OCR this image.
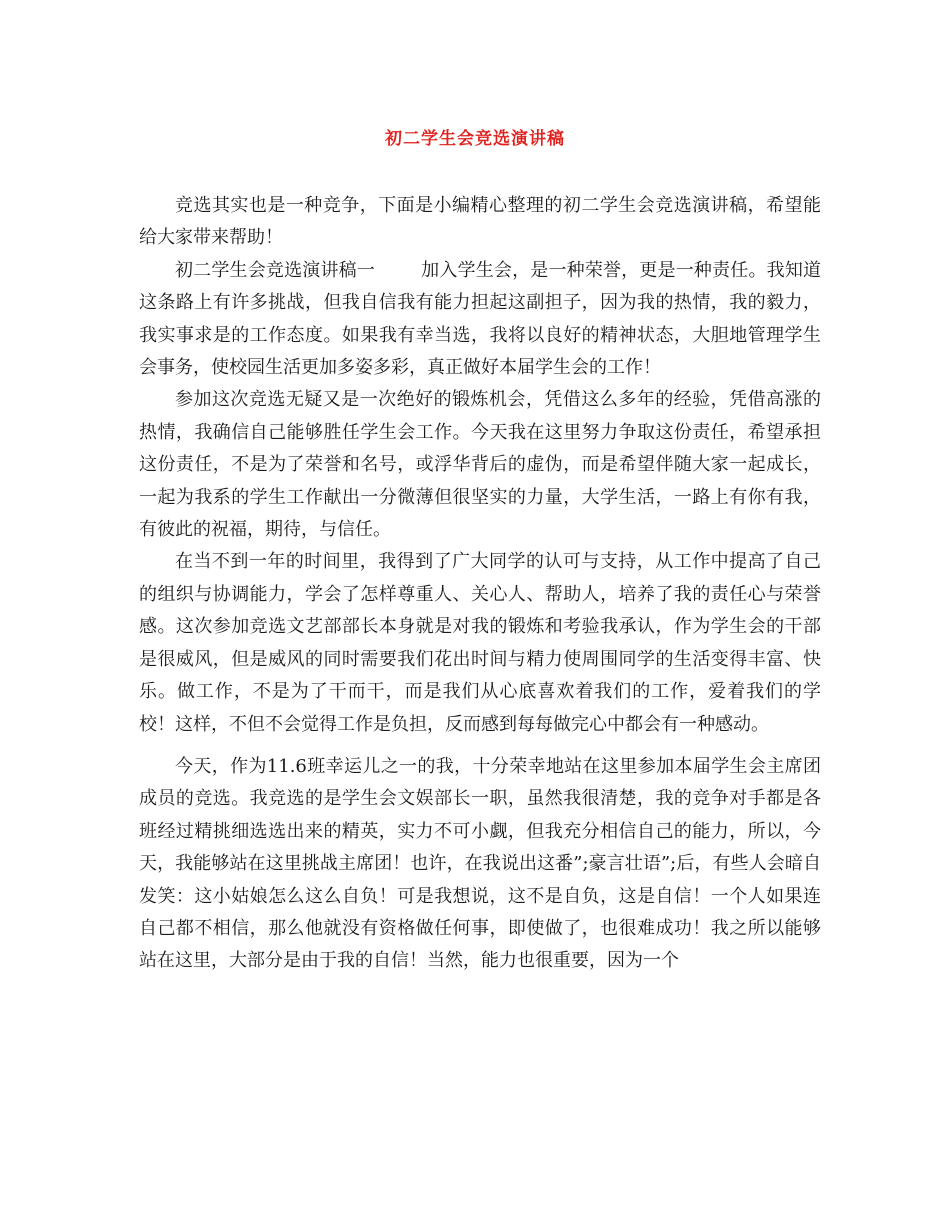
初二学生会竞选演讲稿

竞选其实也是一种竞争，下面是小编精心整理的初二学生会竞选演讲稿，希望能给大家带来帮助！

初二学生会竞选演讲稿一	加入学生会，是一种荣誉，更是一种责任。我知道这条路上有许多挑战，但我自信我有能力担起这副担子，因为我的热情，我的毅力，我实事求是的工作态度。如果我有幸当选，我将以良好的精神状态，大胆地管理学生会事务，使校园生活更加多姿多彩，真正做好本届学生会的工作！

参加这次竞选无疑又是一次绝好的锻炼机会，凭借这么多年的经验，凭借高涨的热情，我确信自己能够胜任学生会工作。今天我在这里努力争取这份责任，希望承担这份责任，不是为了荣誉和名号，或浮华背后的虚伪，而是希望伴随大家一起成长，一起为我系的学生工作献出一分微薄但很坚实的力量，大学生活，一路上有你有我，有彼此的祝福，期待，与信任。

在当不到一年的时间里，我得到了广大同学的认可与支持，从工作中提高了自己的组织与协调能力，学会了怎样尊重人、关心人、帮助人，培养了我的责任心与荣誉感。这次参加竞选文艺部部长本身就是对我的锻炼和考验我承认，作为学生会的干部是很威风，但是威风的同时需要我们花出时间与精力使周围同学的生活变得丰富、快乐。做工作，不是为了干而干，而是我们从心底喜欢着我们的工作，爱着我们的学校！这样，不但不会觉得工作是负担，反而感到每每做完心中都会有一种感动。

今天，作为11.6班幸运儿之一的我，十分荣幸地站在这里参加本届学生会主席团成员的竞选。我竞选的是学生会文娱部长一职，虽然我很清楚，我的竞争对手都是各班经过精挑细选选出来的精英，实力不可小觑，但我充分相信自己的能力，所以，今天，我能够站在这里挑战主席团！也许，在我说出这番”;豪言壮语”;后，有些人会暗自发笑：这小姑娘怎么这么自负！可是我想说，这不是自负，这是自信！一个人如果连自己都不相信，那么他就没有资格做任何事，即使做了，也很难成功！我之所以能够站在这里，大部分是由于我的自信！当然，能力也很重要，因为一个
